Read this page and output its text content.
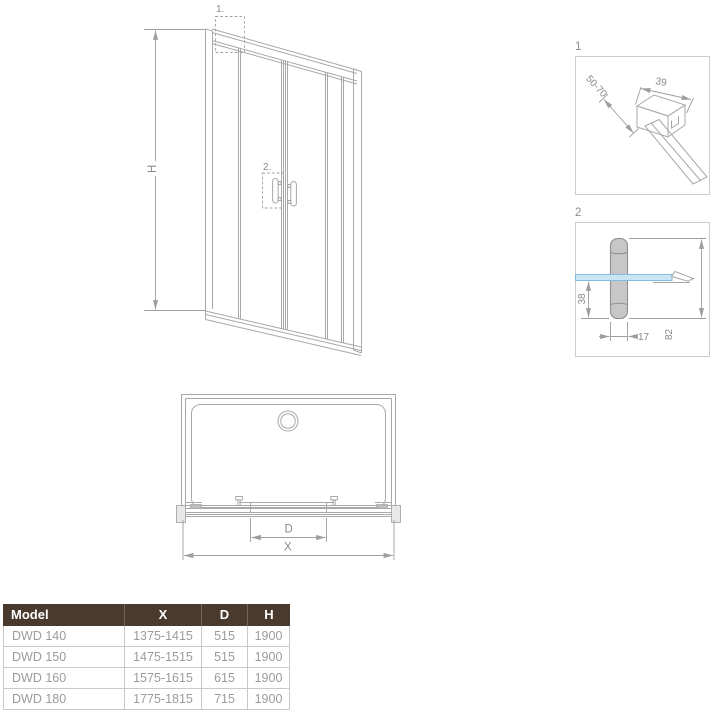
H
1.
2.
1
39
50-70
2
38
17 82
D
X
Model	X	D	H
DWD 140	1375-1415	515	1900
DWD 150	1475-1515	515	1900
DWD 160	1575-1615	615	1900
DWD 180	1775-1815	715	1900
